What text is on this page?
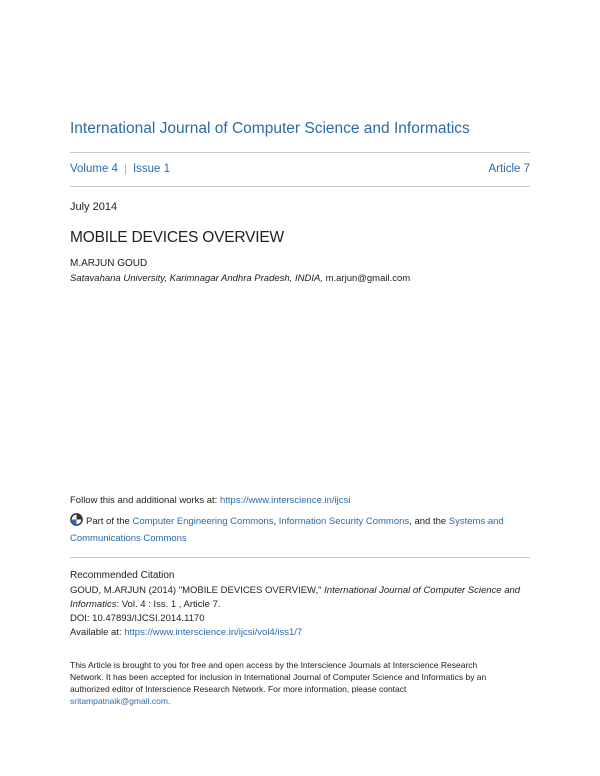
International Journal of Computer Science and Informatics
Volume 4 Issue 1	Article 7
July 2014
MOBILE DEVICES OVERVIEW
M.ARJUN GOUD
Satavahana University, Karimnagar Andhra Pradesh, INDIA, m.arjun@gmail.com
Follow this and additional works at: https://www.interscience.in/ijcsi
Part of the Computer Engineering Commons, Information Security Commons, and the Systems and Communications Commons
Recommended Citation
GOUD, M.ARJUN (2014) "MOBILE DEVICES OVERVIEW," International Journal of Computer Science and
Informatics: Vol. 4 : Iss. 1 , Article 7.
DOI: 10.47893/IJCSI.2014.1170
Available at: https://www.interscience.in/ijcsi/vol4/iss1/7
This Article is brought to you for free and open access by the Interscience Journals at Interscience Research
Network. It has been accepted for inclusion in International Journal of Computer Science and Informatics by an
authorized editor of Interscience Research Network. For more information, please contact
sritampatnaik@gmail.com.
